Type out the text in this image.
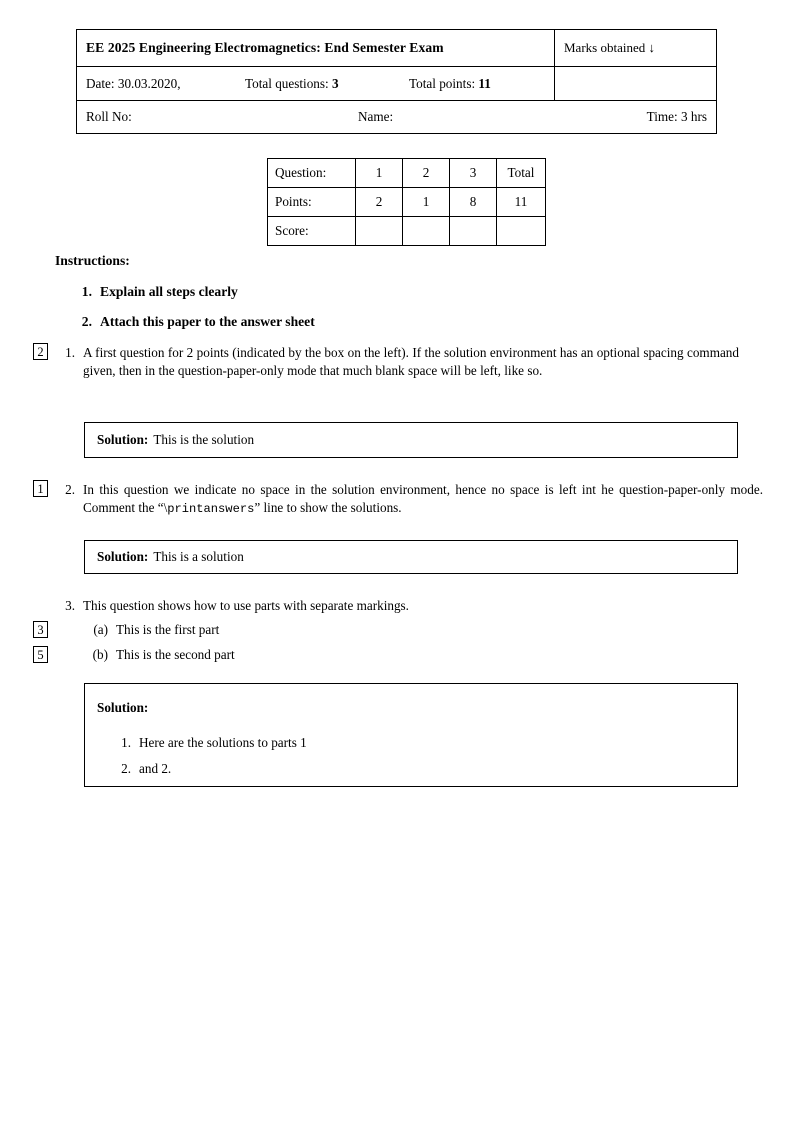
EE 2025 Engineering Electromagnetics: End Semester Exam	Marks obtained ↓

Date: 30.03.2020, Total questions: 3 Total points: 11	

Roll No: Name: Time: 3 hrs	
Question:	1	2	3	Total
Points:	2	1	8	11
Score:				
Instructions:
1. Explain all steps clearly
2. Attach this paper to the answer sheet
2	1. A first question for 2 points (indicated by the box on the left). If the solution environment has an optional spacing command given, then in the question-paper-only mode that much blank space will be left, like so.
Solution: This is the solution
1	2. In this question we indicate no space in the solution environment, hence no space is left int he question-paper-only mode. Comment the “\printanswers” line to show the solutions.
Solution: This is a solution
3. This question shows how to use parts with separate markings.
3	(a) This is the first part
5	(b) This is the second part
Solution:
1. Here are the solutions to parts 1
2. and 2.
